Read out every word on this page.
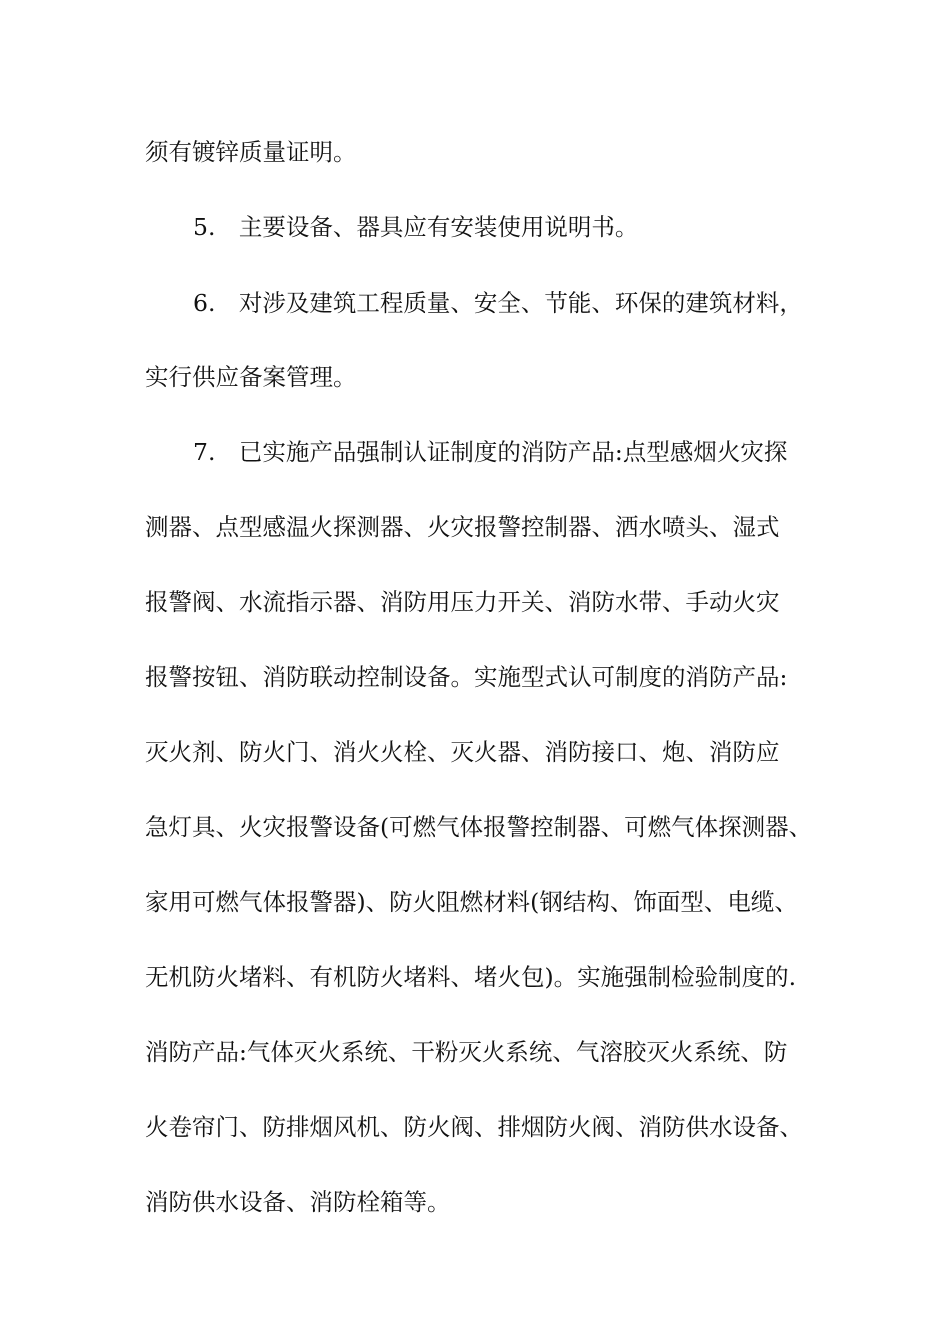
须有镀锌质量证明。
5.　主要设备、器具应有安装使用说明书。
6.　对涉及建筑工程质量、安全、节能、环保的建筑材料，
实行供应备案管理。
7.　已实施产品强制认证制度的消防产品:点型感烟火灾探
测器、点型感温火探测器、火灾报警控制器、洒水喷头、湿式
报警阀、水流指示器、消防用压力开关、消防水带、手动火灾
报警按钮、消防联动控制设备。实施型式认可制度的消防产品:
灭火剂、防火门、消火火栓、灭火器、消防接口、炮、消防应
急灯具、火灾报警设备(可燃气体报警控制器、可燃气体探测器、
家用可燃气体报警器)、防火阻燃材料(钢结构、饰面型、电缆、
无机防火堵料、有机防火堵料、堵火包)。实施强制检验制度的.
消防产品:气体灭火系统、干粉灭火系统、气溶胶灭火系统、防
火卷帘门、防排烟风机、防火阀、排烟防火阀、消防供水设备、
消防供水设备、消防栓箱等。
